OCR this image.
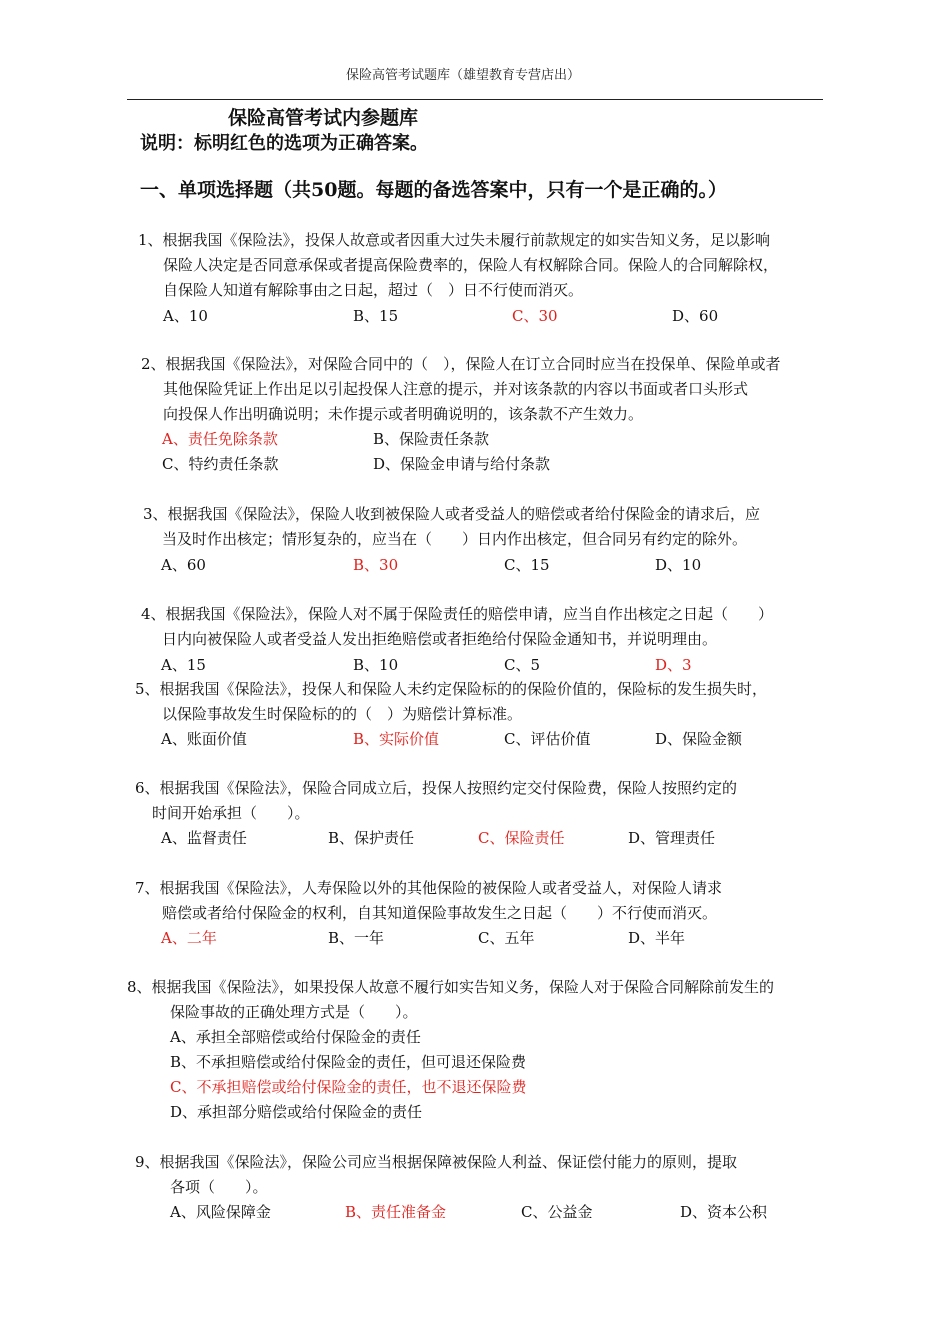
保险高管考试题库（雄望教育专营店出）
保险高管考试内参题库
说明：标明红色的选项为正确答案。
一、单项选择题（共50题。每题的备选答案中，只有一个是正确的。）
1、根据我国《保险法》，投保人故意或者因重大过失未履行前款规定的如实告知义务，足以影响
保险人决定是否同意承保或者提高保险费率的，保险人有权解除合同。保险人的合同解除权，
自保险人知道有解除事由之日起，超过（　）日不行使而消灭。
A、10	B、15	C、30	D、60
2、根据我国《保险法》，对保险合同中的（　），保险人在订立合同时应当在投保单、保险单或者
其他保险凭证上作出足以引起投保人注意的提示，并对该条款的内容以书面或者口头形式
向投保人作出明确说明；未作提示或者明确说明的，该条款不产生效力。
A、责任免除条款	B、保险责任条款
C、特约责任条款	D、保险金申请与给付条款
3、根据我国《保险法》，保险人收到被保险人或者受益人的赔偿或者给付保险金的请求后，应
当及时作出核定；情形复杂的，应当在（　　）日内作出核定，但合同另有约定的除外。
A、60	B、30	C、15	D、10
4、根据我国《保险法》，保险人对不属于保险责任的赔偿申请，应当自作出核定之日起（　　）
日内向被保险人或者受益人发出拒绝赔偿或者拒绝给付保险金通知书，并说明理由。
A、15	B、10	C、5	D、3
5、根据我国《保险法》，投保人和保险人未约定保险标的的保险价值的，保险标的发生损失时，
以保险事故发生时保险标的的（　）为赔偿计算标准。
A、账面价值	B、实际价值	C、评估价值	D、保险金额
6、根据我国《保险法》，保险合同成立后，投保人按照约定交付保险费，保险人按照约定的
时间开始承担（　　）。
A、监督责任	B、保护责任	C、保险责任	D、管理责任
7、根据我国《保险法》，人寿保险以外的其他保险的被保险人或者受益人，对保险人请求
赔偿或者给付保险金的权利，自其知道保险事故发生之日起（　　）不行使而消灭。
A、二年	B、一年	C、五年	D、半年
8、根据我国《保险法》，如果投保人故意不履行如实告知义务，保险人对于保险合同解除前发生的
保险事故的正确处理方式是（　　）。
A、承担全部赔偿或给付保险金的责任
B、不承担赔偿或给付保险金的责任，但可退还保险费
C、不承担赔偿或给付保险金的责任，也不退还保险费
D、承担部分赔偿或给付保险金的责任
9、根据我国《保险法》，保险公司应当根据保障被保险人利益、保证偿付能力的原则，提取
各项（　　）。
A、风险保障金	B、责任准备金	C、公益金	D、资本公积
